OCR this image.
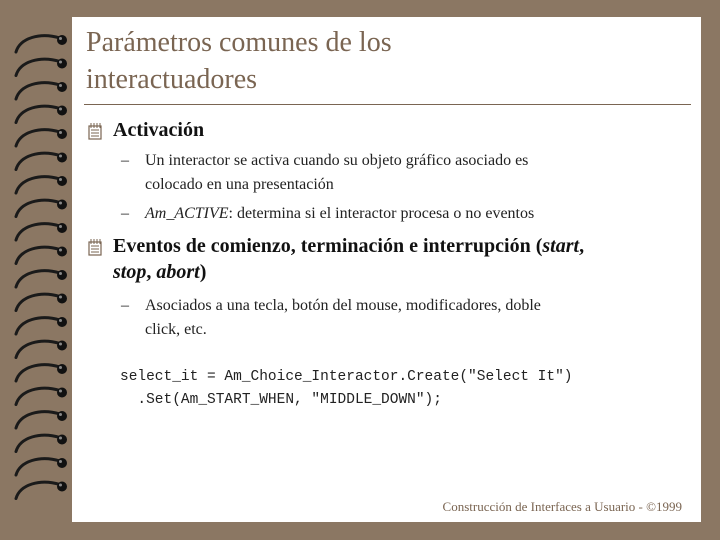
Parámetros comunes de los
interactuadores
Activación
–	Un interactor se activa cuando su objeto gráfico asociado es
colocado en una presentación
–	Am_ACTIVE: determina si el interactor procesa o no eventos
Eventos de comienzo, terminación e interrupción (start,
stop, abort)
–	Asociados a una tecla, botón del mouse, modificadores, doble
click, etc.
select_it = Am_Choice_Interactor.Create("Select It")
.Set(Am_START_WHEN, "MIDDLE_DOWN");
Construcción de Interfaces a Usuario - ©1999
